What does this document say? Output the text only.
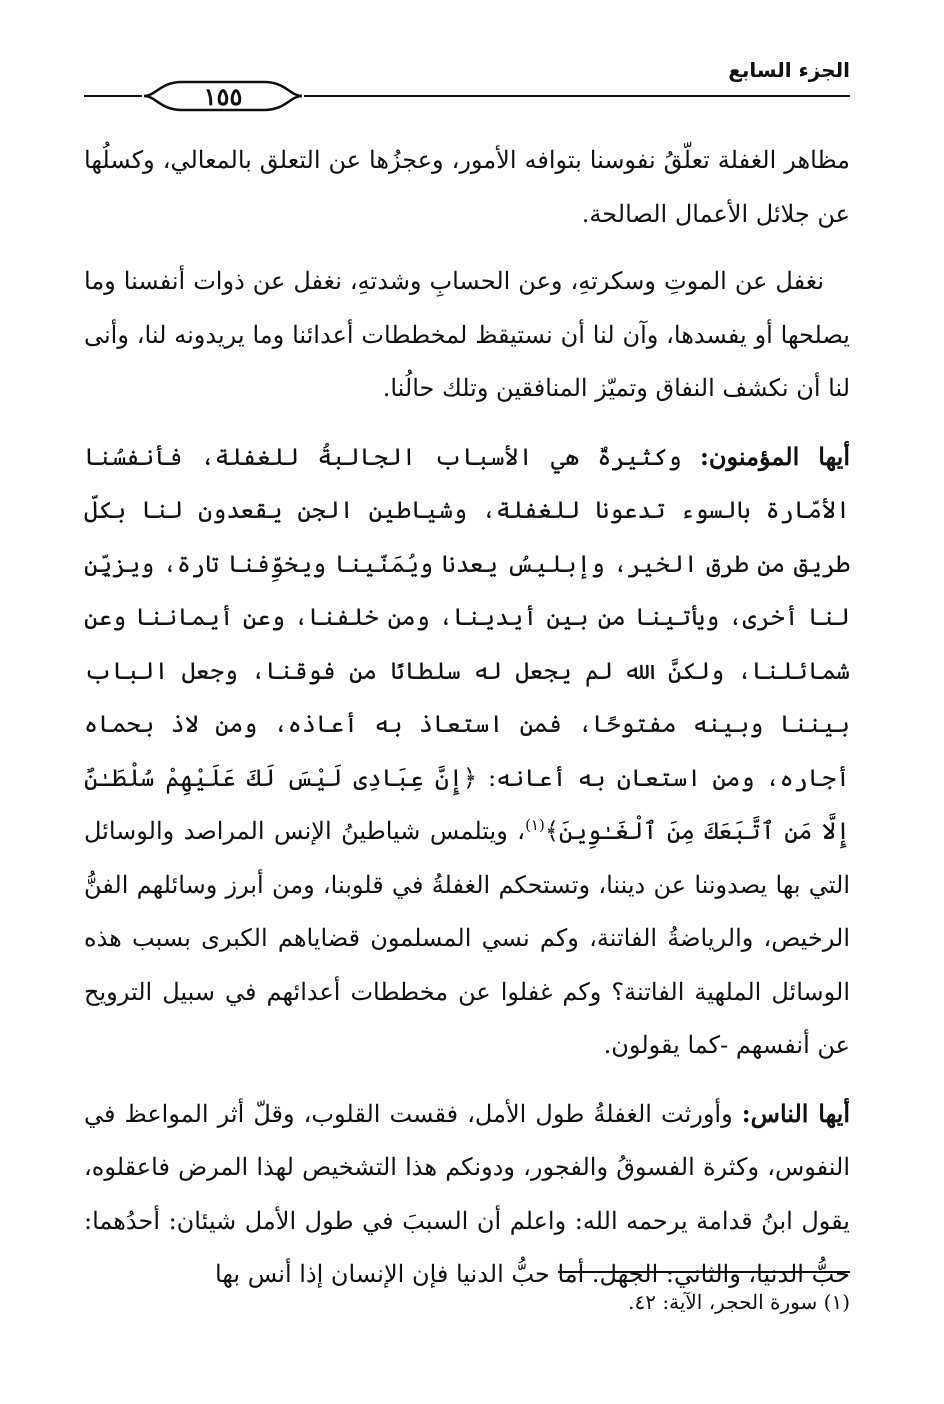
الجزء السابع
١٥٥

مظاهر الغفلة تعلّقُ نفوسنا بتوافه الأمور، وعجزُها عن التعلق بالمعالي، وكسلُها عن جلائل الأعمال الصالحة.

نغفل عن الموتِ وسكرتهِ، وعن الحسابِ وشدتهِ، نغفل عن ذوات أنفسنا وما يصلحها أو يفسدها، وآن لنا أن نستيقظ لمخططات أعدائنا وما يريدونه لنا، وأنى لنا أن نكشف النفاق وتميّز المنافقين وتلك حالُنا.

أيها المؤمنون: وكثيرةٌ هي الأسباب الجالبةُ للغفلة، فأنفسُنا الأمّارة بالسوء تدعونا للغفلة، وشياطين الجن يقعدون لنا بكلّ طريق من طرق الخير، وإبليسُ يعدنا ويُمَنّينا ويخوِّفنا تارة، ويزيِّن لنا أخرى، ويأتينا من بين أيدينا، ومن خلفنا، وعن أيماننا وعن شمائلنا، ولكنَّ الله لم يجعل له سلطانًا من فوقنا، وجعل الباب بيننا وبينه مفتوحًا، فمن استعاذ به أعاذه، ومن لاذ بحماه أجاره، ومن استعان به أعانه: ﴿إِنَّ عِبَادِى لَيْسَ لَكَ عَلَيْهِمْ سُلْطَـٰنٌ إِلَّا مَنِ ٱتَّبَعَكَ مِنَ ٱلْغَـٰوِينَ﴾$^{(١)}$، ويتلمس شياطينُ الإنس المراصد والوسائل التي بها يصدوننا عن ديننا، وتستحكم الغفلةُ في قلوبنا، ومن أبرز وسائلهم الفنُّ الرخيص، والرياضةُ الفاتنة، وكم نسي المسلمون قضاياهم الكبرى بسبب هذه الوسائل الملهية الفاتنة؟ وكم غفلوا عن مخططات أعدائهم في سبيل الترويح عن أنفسهم -كما يقولون.

أيها الناس: وأورثت الغفلةُ طول الأمل، فقست القلوب، وقلّ أثر المواعظ في النفوس، وكثرة الفسوقُ والفجور، ودونكم هذا التشخيص لهذا المرض فاعقلوه، يقول ابنُ قدامة يرحمه الله: واعلم أن السببَ في طول الأمل شيئان: أحدُهما: حبُّ الدنيا، والثاني: الجهل. أما حبُّ الدنيا فإن الإنسان إذا أنس بها

(١) سورة الحجر، الآية: ٤٢.
